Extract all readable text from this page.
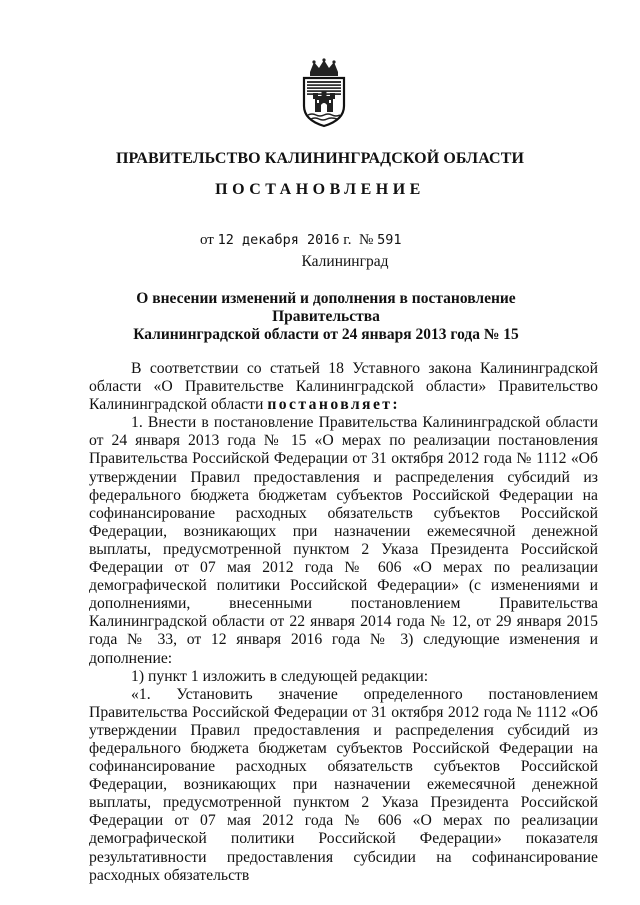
ПРАВИТЕЛЬСТВО КАЛИНИНГРАДСКОЙ ОБЛАСТИ
ПОСТАНОВЛЕНИЕ
от 12 декабря 2016 г. № 591
Калининград
О внесении изменений и дополнения в постановление Правительства
Калининградской области от 24 января 2013 года № 15

В соответствии со статьей 18 Уставного закона Калининградской области «О Правительстве Калининградской области» Правительство Калининградской области постановляет:

1. Внести в постановление Правительства Калининградской области от 24 января 2013 года № 15 «О мерах по реализации постановления Правительства Российской Федерации от 31 октября 2012 года № 1112 «Об утверждении Правил предоставления и распределения субсидий из федерального бюджета бюджетам субъектов Российской Федерации на софинансирование расходных обязательств субъектов Российской Федерации, возникающих при назначении ежемесячной денежной выплаты, предусмотренной пунктом 2 Указа Президента Российской Федерации от 07 мая 2012 года № 606 «О мерах по реализации демографической политики Российской Федерации» (с изменениями и дополнениями, внесенными постановлением Правительства Калининградской области от 22 января 2014 года № 12, от 29 января 2015 года № 33, от 12 января 2016 года № 3) следующие изменения и дополнение:

1) пункт 1 изложить в следующей редакции:

«1. Установить значение определенного постановлением Правительства Российской Федерации от 31 октября 2012 года № 1112 «Об утверждении Правил предоставления и распределения субсидий из федерального бюджета бюджетам субъектов Российской Федерации на софинансирование расходных обязательств субъектов Российской Федерации, возникающих при назначении ежемесячной денежной выплаты, предусмотренной пунктом 2 Указа Президента Российской Федерации от 07 мая 2012 года № 606 «О мерах по реализации демографической политики Российской Федерации» показателя результативности предоставления субсидии на софинансирование расходных обязательств
